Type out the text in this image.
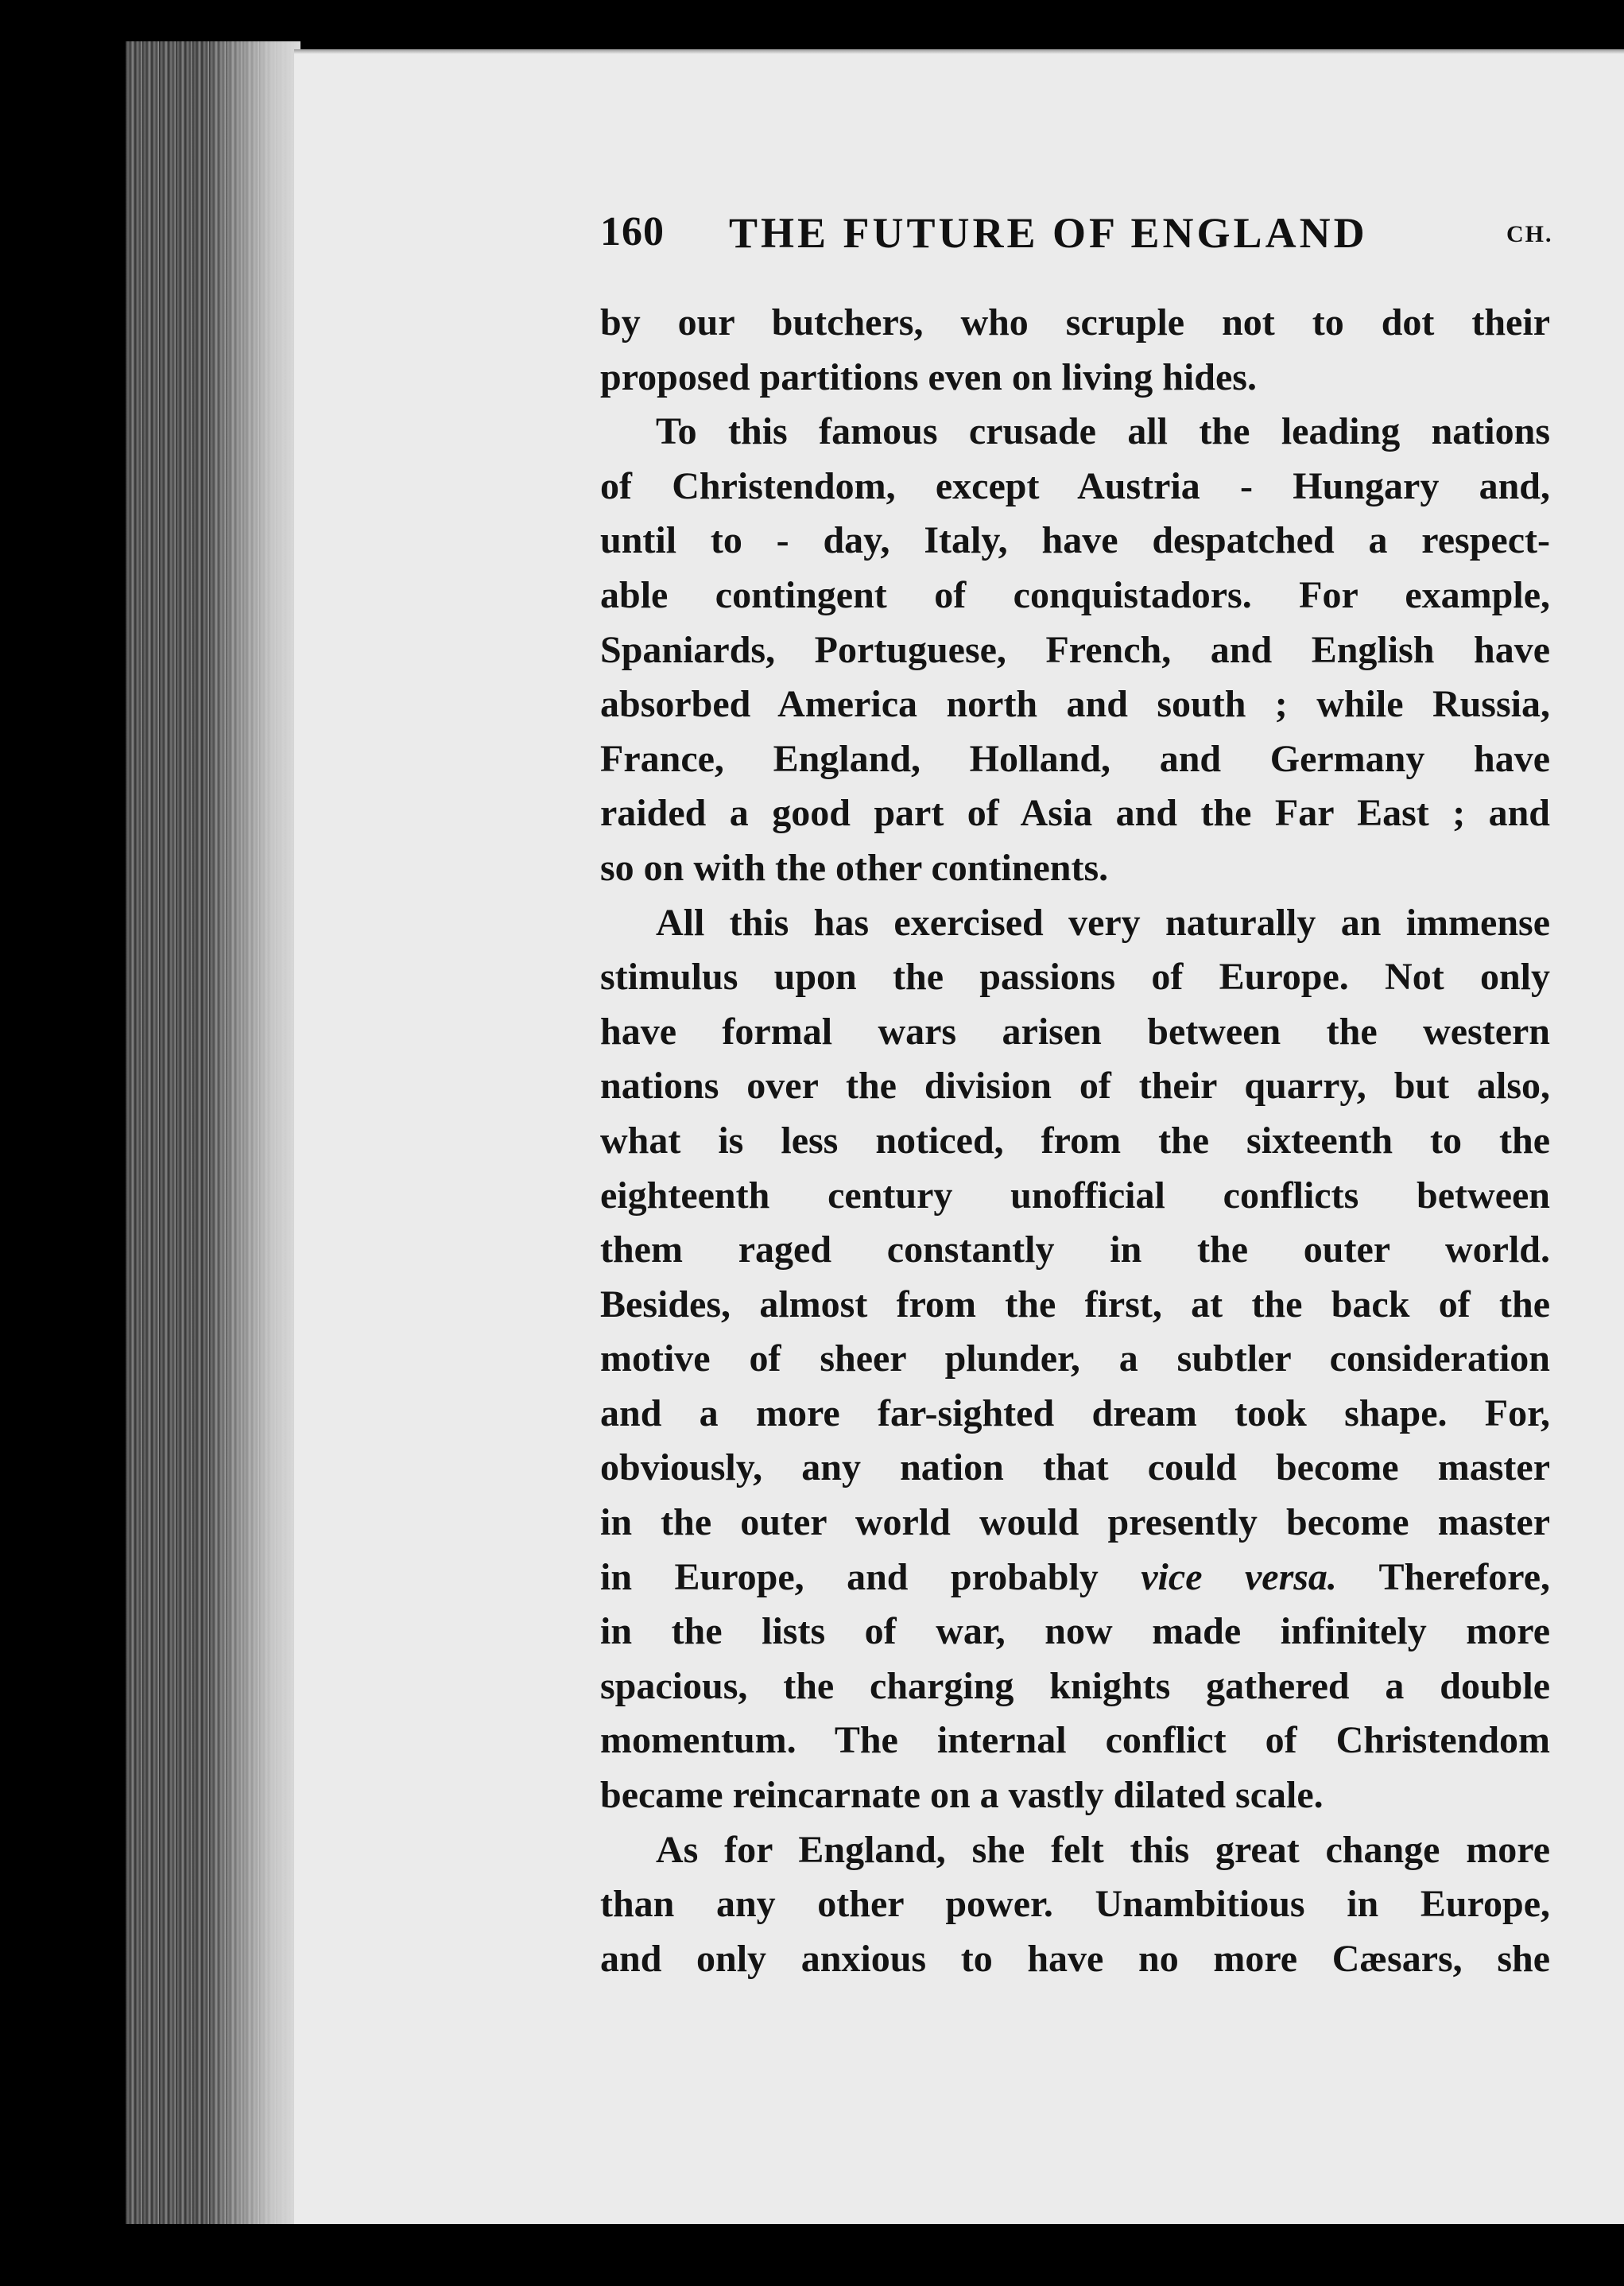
160 THE FUTURE OF ENGLAND	CH.
by our butchers, who scruple not to dot their
proposed partitions even on living hides.
To this famous crusade all the leading nations
of Christendom, except Austria - Hungary and,
until to - day, Italy, have despatched a respect-
able contingent of conquistadors. For example,
Spaniards, Portuguese, French, and English have
absorbed America north and south ; while Russia,
France, England, Holland, and Germany have
raided a good part of Asia and the Far East ; and
so on with the other continents.
All this has exercised very naturally an immense
stimulus upon the passions of Europe. Not only
have formal wars arisen between the western
nations over the division of their quarry, but also,
what is less noticed, from the sixteenth to the
eighteenth century unofficial conflicts between
them raged constantly in the outer world.
Besides, almost from the first, at the back of the
motive of sheer plunder, a subtler consideration
and a more far-sighted dream took shape. For,
obviously, any nation that could become master
in the outer world would presently become master
in Europe, and probably vice versa. Therefore,
in the lists of war, now made infinitely more
spacious, the charging knights gathered a double
momentum. The internal conflict of Christendom
became reincarnate on a vastly dilated scale.
As for England, she felt this great change more
than any other power. Unambitious in Europe,
and only anxious to have no more Cæsars, she
